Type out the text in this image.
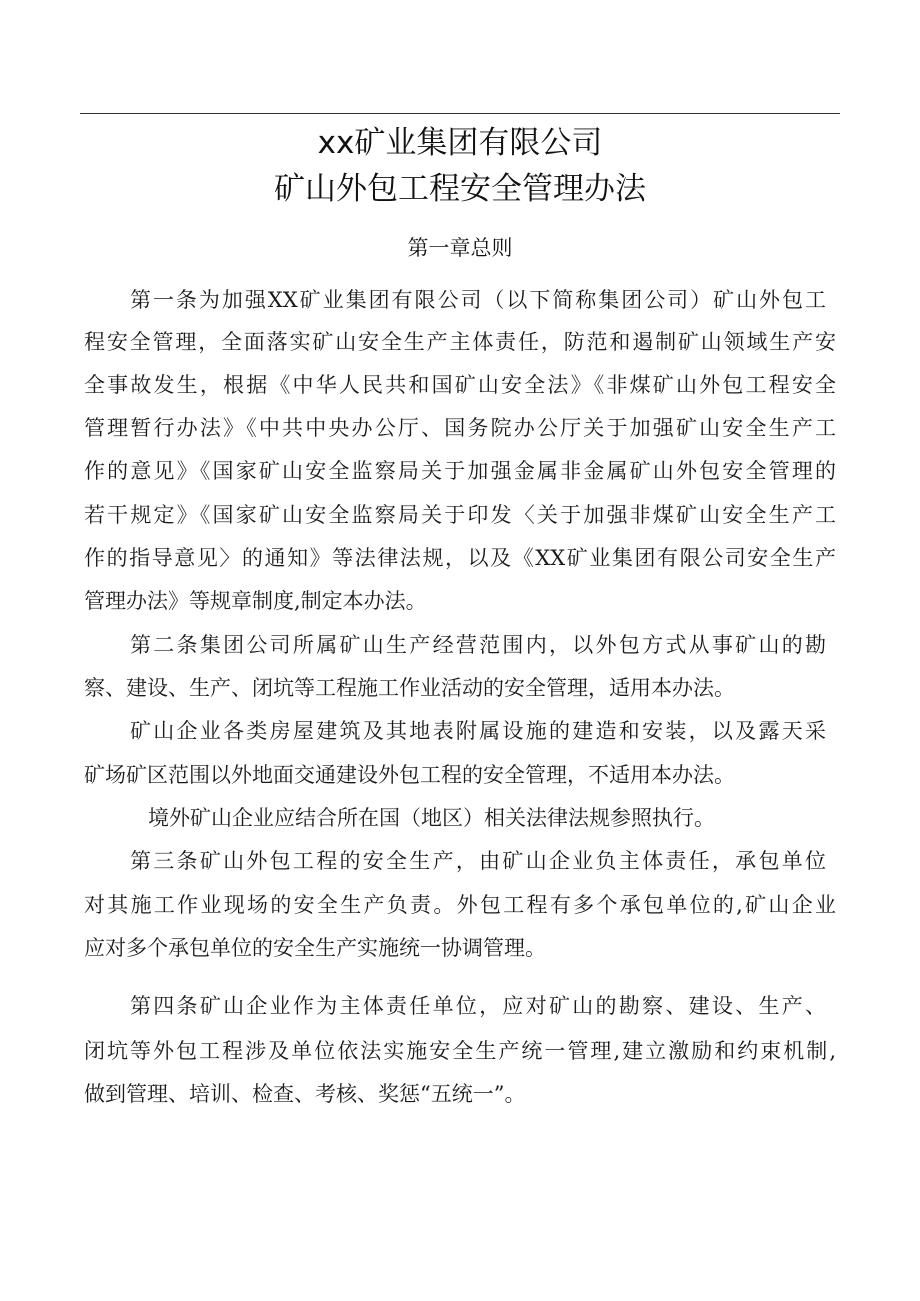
xx矿业集团有限公司
矿山外包工程安全管理办法
第一章总则
第一条为加强XX矿业集团有限公司（以下简称集团公司）矿山外包工
程安全管理，全面落实矿山安全生产主体责任，防范和遏制矿山领域生产安
全事故发生，根据《中华人民共和国矿山安全法》《非煤矿山外包工程安全
管理暂行办法》《中共中央办公厅、国务院办公厅关于加强矿山安全生产工
作的意见》《国家矿山安全监察局关于加强金属非金属矿山外包安全管理的
若干规定》《国家矿山安全监察局关于印发〈关于加强非煤矿山安全生产工
作的指导意见〉的通知》等法律法规，以及《XX矿业集团有限公司安全生产
管理办法》等规章制度,制定本办法。
第二条集团公司所属矿山生产经营范围内，以外包方式从事矿山的勘
察、建设、生产、闭坑等工程施工作业活动的安全管理，适用本办法。
矿山企业各类房屋建筑及其地表附属设施的建造和安装，以及露天采
矿场矿区范围以外地面交通建设外包工程的安全管理，不适用本办法。
境外矿山企业应结合所在国（地区）相关法律法规参照执行。
第三条矿山外包工程的安全生产，由矿山企业负主体责任，承包单位
对其施工作业现场的安全生产负责。外包工程有多个承包单位的,矿山企业
应对多个承包单位的安全生产实施统一协调管理。
第四条矿山企业作为主体责任单位，应对矿山的勘察、建设、生产、
闭坑等外包工程涉及单位依法实施安全生产统一管理,建立激励和约束机制,
做到管理、培训、检查、考核、奖惩“五统一”。
